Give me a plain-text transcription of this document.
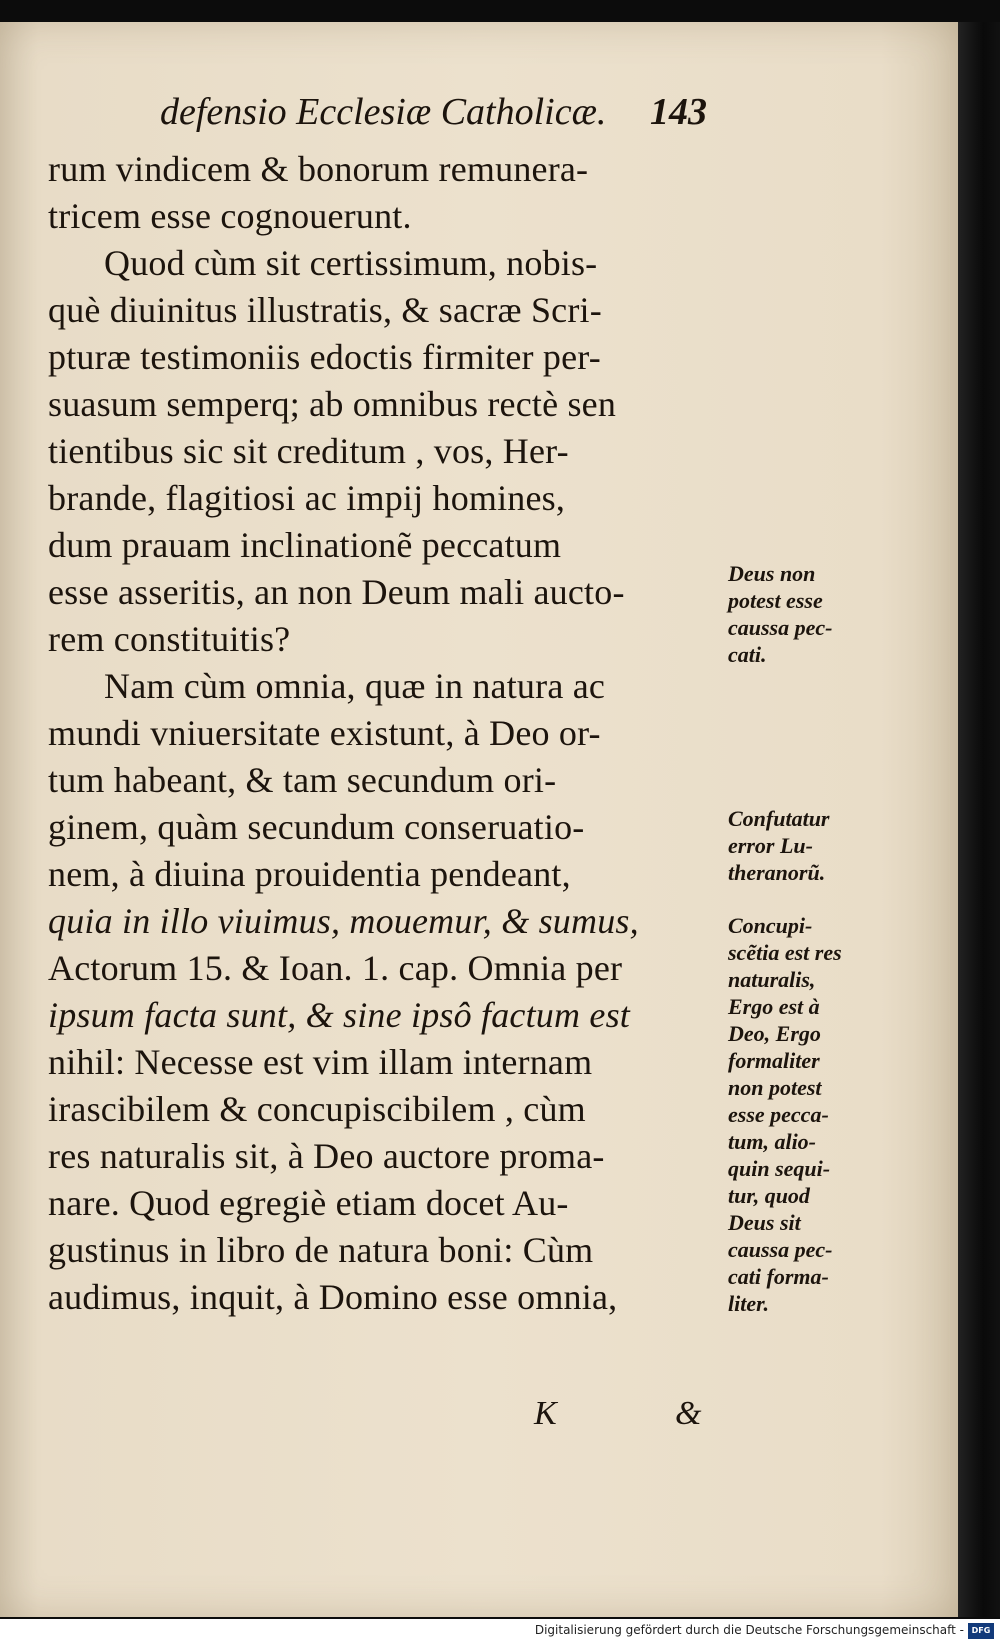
defensio Ecclesiæ Catholicæ. 143
rum vindicem & bonorum remunera-
tricem esse cognouerunt.
Quod cùm sit certissimum, nobis-
què diuinitus illustratis, & sacræ Scri-
pturæ testimoniis edoctis firmiter per-
suasum semperq; ab omnibus rectè sen
tientibus sic sit creditum , vos, Her-
brande, flagitiosi ac impij homines,
dum prauam inclinationẽ peccatum
esse asseritis, an non Deum mali aucto-
rem constituitis?
Nam cùm omnia, quæ in natura ac
mundi vniuersitate existunt, à Deo or-
tum habeant, & tam secundum ori-
ginem, quàm secundum conseruatio-
nem, à diuina prouidentia pendeant,
quia in illo viuimus, mouemur, & sumus,
Actorum 15. & Ioan. 1. cap. Omnia per
ipsum facta sunt, & sine ipsô factum est
nihil: Necesse est vim illam internam
irascibilem & concupiscibilem , cùm
res naturalis sit, à Deo auctore proma-
nare. Quod egregiè etiam docet Au-
gustinus in libro de natura boni: Cùm
audimus, inquit, à Domino esse omnia,
Deus non
potest esse
caussa pec-
cati.
Confutatur
error Lu-
theranorũ.
Concupi-
scẽtia est res
naturalis,
Ergo est à
Deo, Ergo
formaliter
non potest
esse pecca-
tum, alio-
quin sequi-
tur, quod
Deus sit
caussa pec-
cati forma-
liter.
K	&
Digitalisierung gefördert durch die Deutsche Forschungsgemeinschaft - DFG
